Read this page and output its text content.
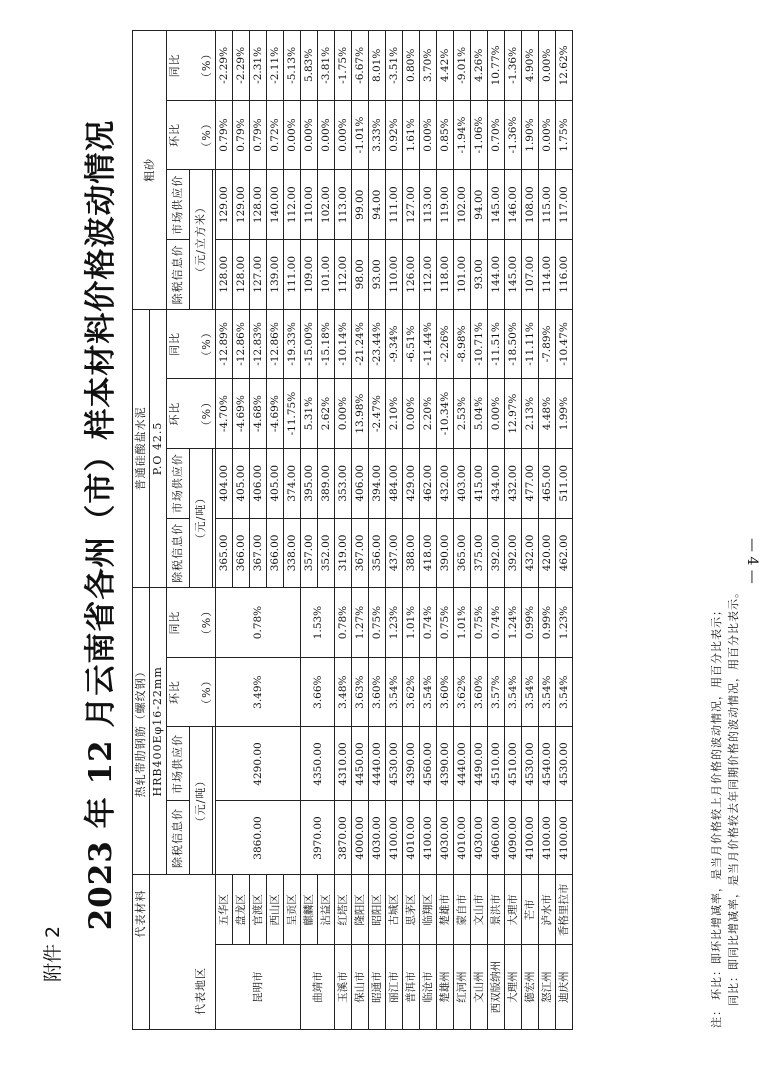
— 4 —
附件 2
2023 年 12 月云南省各州（市）样本材料价格波动情况 代表材料		热轧带肋钢筋（螺纹钢）				普通硅酸盐水泥				粗砂			
代表地区		HRB400Eφ16-22mm				P.O 42.5							
		除税信息价	市场供应价	环比 （%）	同比 （%）	除税信息价	市场供应价	环比 （%）	同比 （%）	除税信息价	市场供应价	环比 （%）	同比 （%）
		（元/吨）				（元/吨）				（元/立方米）			

昆明市	五华区	3860.00	4290.00	3.49%	0.78%	365.00	404.00	-4.70%	-12.89%	128.00	129.00	0.79%	-2.29%
	盘龙区					366.00	405.00	-4.69%	-12.86%	128.00	129.00	0.79%	-2.29%
	官渡区					367.00	406.00	-4.68%	-12.83%	127.00	128.00	0.79%	-2.31%
	西山区					366.00	405.00	-4.69%	-12.86%	139.00	140.00	0.72%	-2.11%
	呈贡区					338.00	374.00	-11.75%	-19.33%	111.00	112.00	0.00%	-5.13%
曲靖市	麒麟区	3970.00	4350.00	3.66%	1.53%	357.00	395.00	5.31%	-15.00%	109.00	110.00	0.00%	5.83%
	沾益区					352.00	389.00	2.62%	-15.18%	101.00	102.00	0.00%	-3.81%
玉溪市	红塔区	3870.00	4310.00	3.48%	0.78%	319.00	353.00	0.00%	-10.14%	112.00	113.00	0.00%	-1.75%
保山市	隆阳区	4000.00	4450.00	3.63%	1.27%	367.00	406.00	13.98%	-21.24%	98.00	99.00	-1.01%	-6.67%
昭通市	昭阳区	4030.00	4440.00	3.60%	0.75%	356.00	394.00	-2.47%	-23.44%	93.00	94.00	3.33%	8.01%
丽江市	古城区	4100.00	4530.00	3.54%	1.23%	437.00	484.00	2.10%	-9.34%	110.00	111.00	0.92%	-3.51%
普洱市	思茅区	4010.00	4390.00	3.62%	1.01%	388.00	429.00	0.00%	-6.51%	126.00	127.00	1.61%	0.80%
临沧市	临翔区	4100.00	4560.00	3.54%	0.74%	418.00	462.00	2.20%	-11.44%	112.00	113.00	0.00%	3.70%
楚雄州	楚雄市	4030.00	4390.00	3.60%	0.75%	390.00	432.00	-10.34%	-2.26%	118.00	119.00	0.85%	4.42%
红河州	蒙自市	4010.00	4440.00	3.62%	1.01%	365.00	403.00	2.53%	-8.98%	101.00	102.00	-1.94%	-9.01%
文山州	文山市	4030.00	4490.00	3.60%	0.75%	375.00	415.00	5.04%	-10.71%	93.00	94.00	-1.06%	4.26%
西双版纳州	景洪市	4060.00	4510.00	3.57%	0.74%	392.00	434.00	0.00%	-11.51%	144.00	145.00	0.70%	10.77%
大理州	大理市	4090.00	4510.00	3.54%	1.24%	392.00	432.00	12.97%	-18.50%	145.00	146.00	-1.36%	-1.36%
德宏州	芒市	4100.00	4530.00	3.54%	0.99%	432.00	477.00	2.13%	-11.11%	107.00	108.00	1.90%	4.90%
怒江州	泸水市	4100.00	4540.00	3.54%	0.99%	420.00	465.00	4.48%	-7.89%	114.00	115.00	0.00%	0.00%
迪庆州	香格里拉市	4100.00	4530.00	3.54%	1.23%	462.00	511.00	1.99%	-10.47%	116.00	117.00	1.75%	12.62%
注：环比：即环比增减率，是当月价格较上月价格的波动情况，用百分比表示； 同比：即同比增减率，是当月价格较去年同期价格的波动情况，用百分比表示。
